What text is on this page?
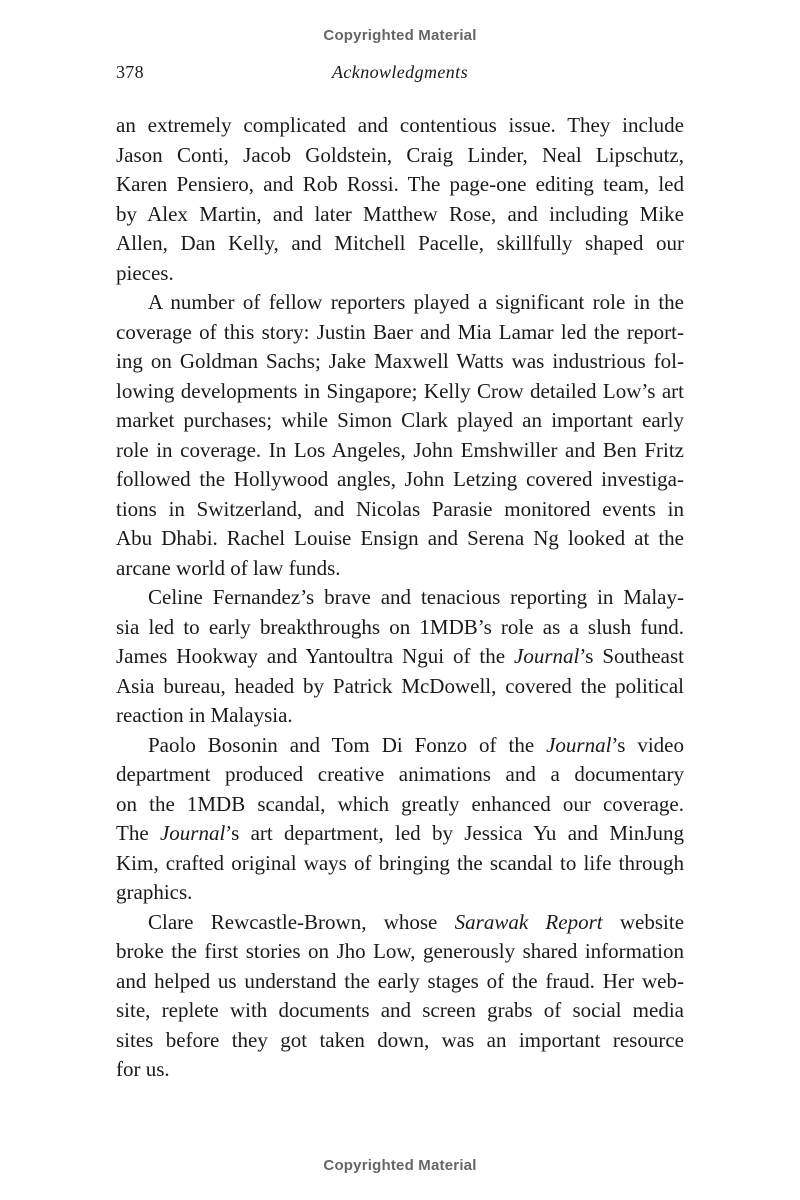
Copyrighted Material
378	Acknowledgments
an extremely complicated and contentious issue. They include
Jason Conti, Jacob Goldstein, Craig Linder, Neal Lipschutz,
Karen Pensiero, and Rob Rossi. The page-one editing team, led
by Alex Martin, and later Matthew Rose, and including Mike
Allen, Dan Kelly, and Mitchell Pacelle, skillfully shaped our
pieces.
A number of fellow reporters played a significant role in the
coverage of this story: Justin Baer and Mia Lamar led the report-
ing on Goldman Sachs; Jake Maxwell Watts was industrious fol-
lowing developments in Singapore; Kelly Crow detailed Low’s art
market purchases; while Simon Clark played an important early
role in coverage. In Los Angeles, John Emshwiller and Ben Fritz
followed the Hollywood angles, John Letzing covered investiga-
tions in Switzerland, and Nicolas Parasie monitored events in
Abu Dhabi. Rachel Louise Ensign and Serena Ng looked at the
arcane world of law funds.
Celine Fernandez’s brave and tenacious reporting in Malay-
sia led to early breakthroughs on 1MDB’s role as a slush fund.
James Hookway and Yantoultra Ngui of the Journal’s Southeast
Asia bureau, headed by Patrick McDowell, covered the political
reaction in Malaysia.
Paolo Bosonin and Tom Di Fonzo of the Journal’s video
department produced creative animations and a documentary
on the 1MDB scandal, which greatly enhanced our coverage.
The Journal’s art department, led by Jessica Yu and MinJung
Kim, crafted original ways of bringing the scandal to life through
graphics.
Clare Rewcastle-Brown, whose Sarawak Report website
broke the first stories on Jho Low, generously shared information
and helped us understand the early stages of the fraud. Her web-
site, replete with documents and screen grabs of social media
sites before they got taken down, was an important resource
for us.
Copyrighted Material
